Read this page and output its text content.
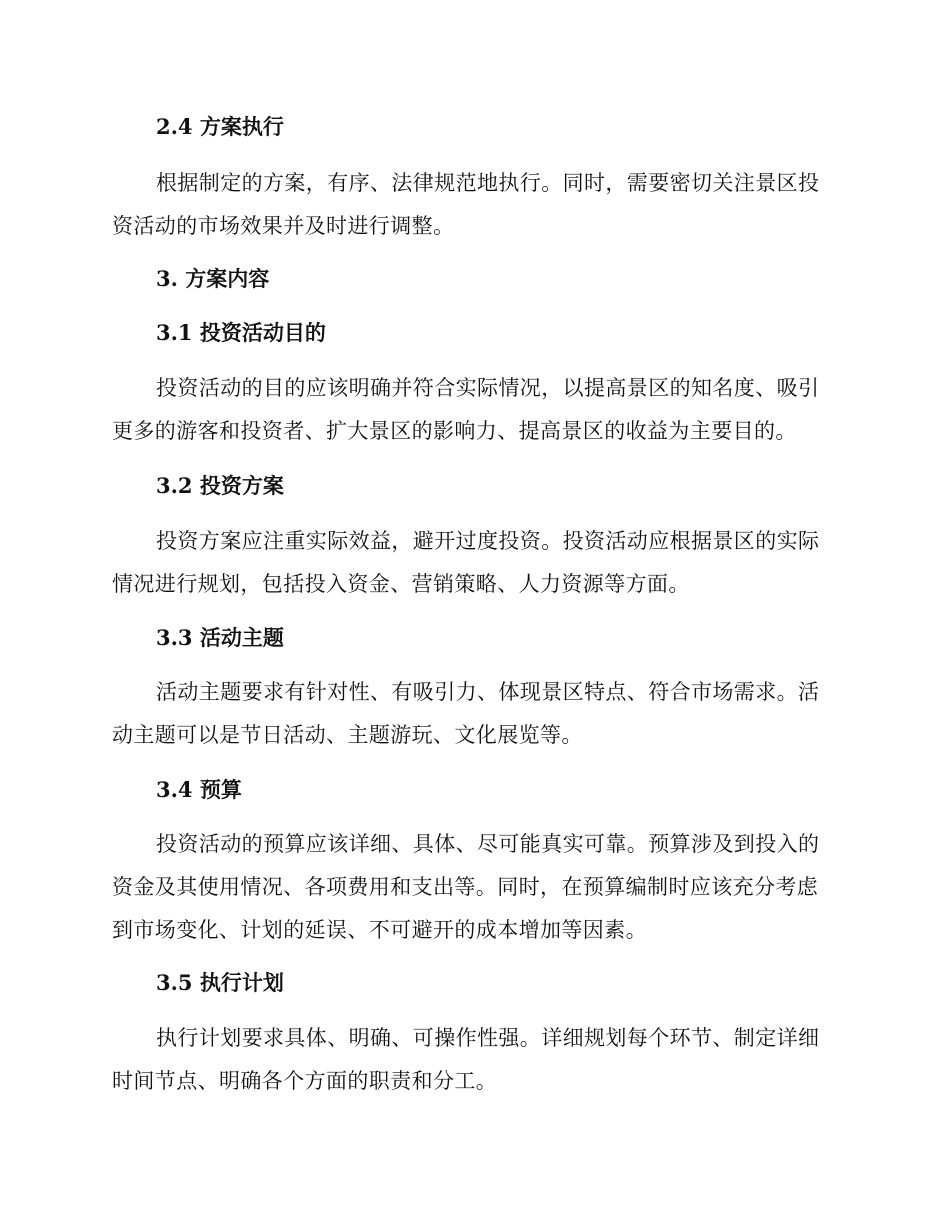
2.4 方案执行
根据制定的方案，有序、法律规范地执行。同时，需要密切关注景区投资活动的市场效果并及时进行调整。
3. 方案内容
3.1 投资活动目的
投资活动的目的应该明确并符合实际情况，以提高景区的知名度、吸引更多的游客和投资者、扩大景区的影响力、提高景区的收益为主要目的。
3.2 投资方案
投资方案应注重实际效益，避开过度投资。投资活动应根据景区的实际情况进行规划，包括投入资金、营销策略、人力资源等方面。
3.3 活动主题
活动主题要求有针对性、有吸引力、体现景区特点、符合市场需求。活动主题可以是节日活动、主题游玩、文化展览等。
3.4 预算
投资活动的预算应该详细、具体、尽可能真实可靠。预算涉及到投入的资金及其使用情况、各项费用和支出等。同时，在预算编制时应该充分考虑到市场变化、计划的延误、不可避开的成本增加等因素。
3.5 执行计划
执行计划要求具体、明确、可操作性强。详细规划每个环节、制定详细时间节点、明确各个方面的职责和分工。
